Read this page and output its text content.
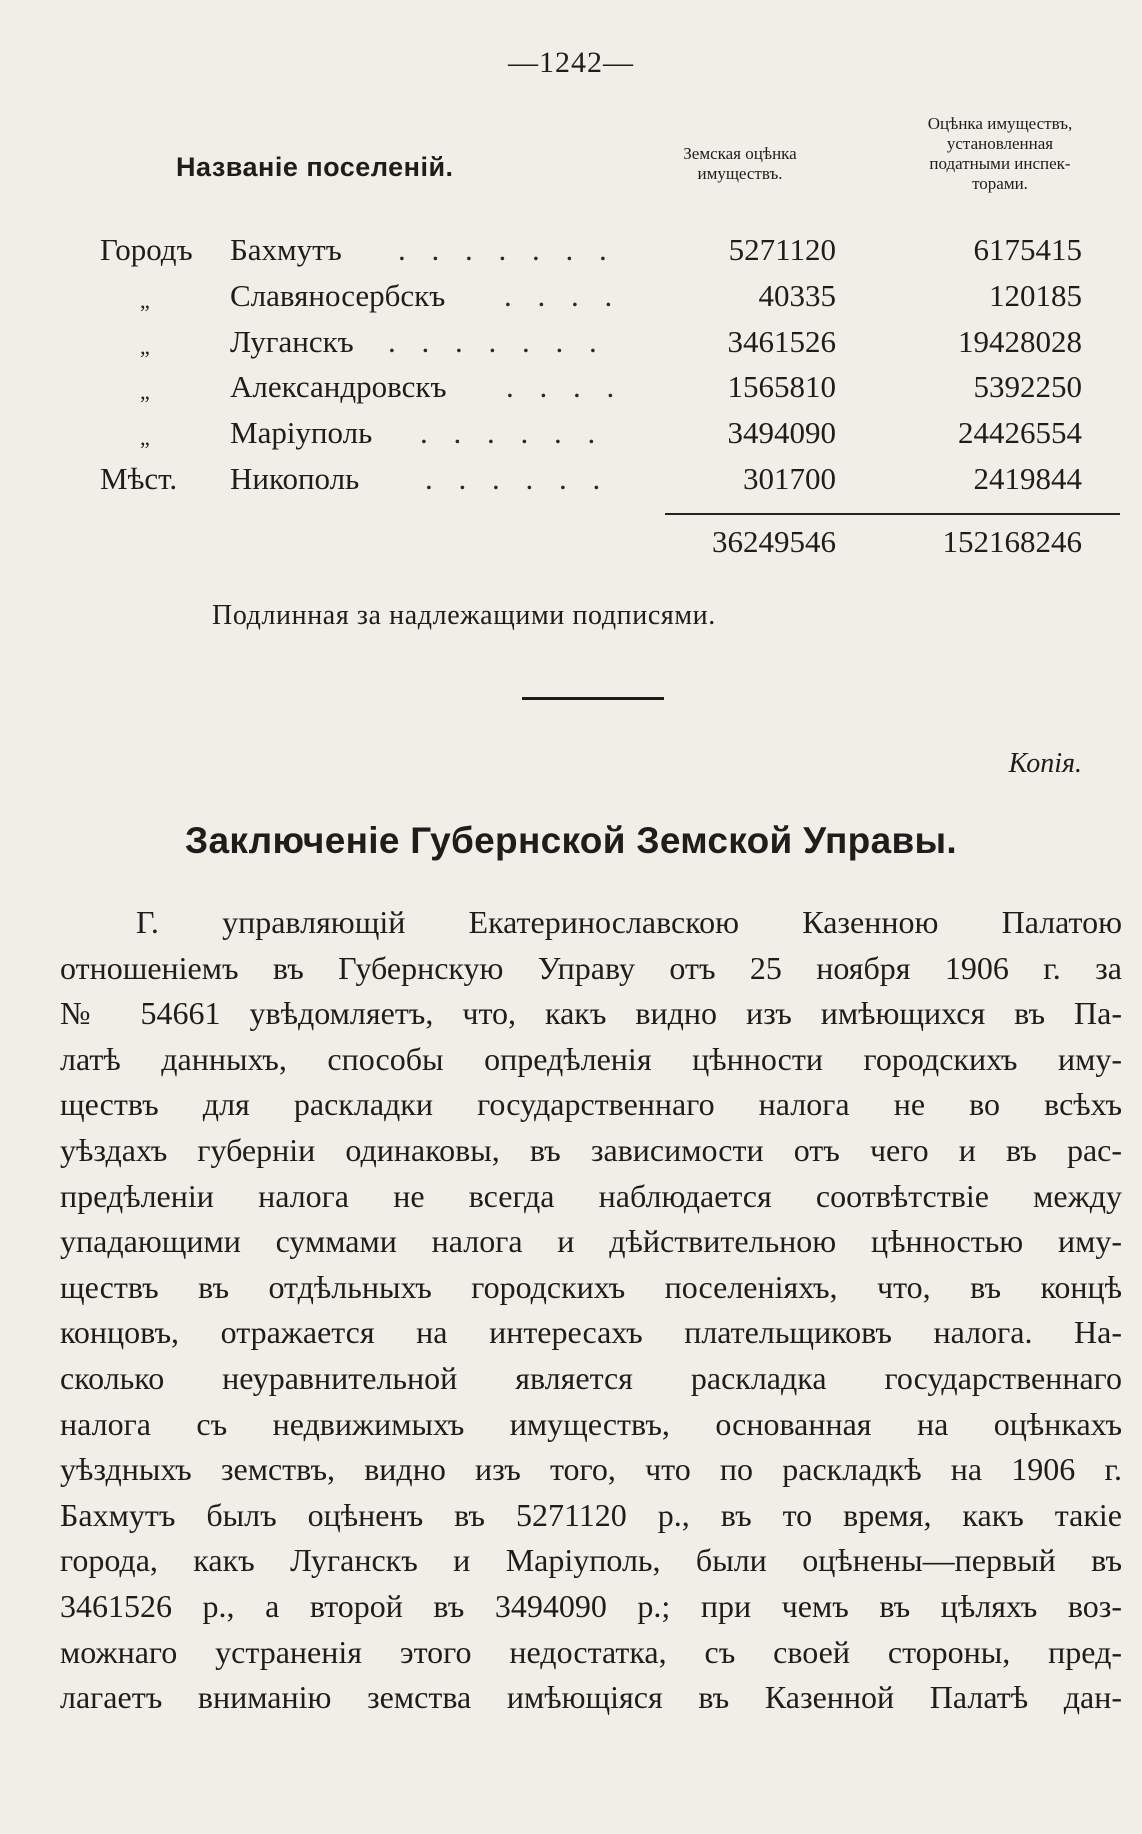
—1242—
Названіе поселеній.	Земская оцѣнка
имуществъ.
Оцѣнка имуществъ,
установленная
податными инспек-
торами.
Городъ Бахмутъ . . . . . . .	5271120	6175415
„	Славяносербскъ . . . .	40335	120185
„	Луганскъ . . . . . . .	3461526	19428028
„	Александровскъ . . . .	1565810	5392250
„	Маріуполь . . . . . .	3494090	24426554
Мѣст. Никополь . . . . . .	301700	2419844
36249546	152168246
Подлинная за надлежащими подписями.
Копія.
Заключеніе Губернской Земской Управы.
Г. управляющій Екатеринославскою Казенною Палатою
отношеніемъ въ Губернскую Управу отъ 25 ноября 1906 г. за
№ 54661 увѣдомляетъ, что, какъ видно изъ имѣющихся въ Па-
латѣ данныхъ, способы опредѣленія цѣнности городскихъ иму-
ществъ для раскладки государственнаго налога не во всѣхъ
уѣздахъ губерніи одинаковы, въ зависимости отъ чего и въ рас-
предѣленіи налога не всегда наблюдается соотвѣтствіе между
упадающими суммами налога и дѣйствительною цѣнностью иму-
ществъ въ отдѣльныхъ городскихъ поселеніяхъ, что, въ концѣ
концовъ, отражается на интересахъ плательщиковъ налога. На-
сколько неуравнительной является раскладка государственнаго
налога съ недвижимыхъ имуществъ, основанная на оцѣнкахъ
уѣздныхъ земствъ, видно изъ того, что по раскладкѣ на 1906 г.
Бахмутъ былъ оцѣненъ въ 5271120 р., въ то время, какъ такіе
города, какъ Луганскъ и Маріуполь, были оцѣнены—первый въ
3461526 р., а второй въ 3494090 р.; при чемъ въ цѣляхъ воз-
можнаго устраненія этого недостатка, съ своей стороны, пред-
лагаетъ вниманію земства имѣющіяся въ Казенной Палатѣ дан-
